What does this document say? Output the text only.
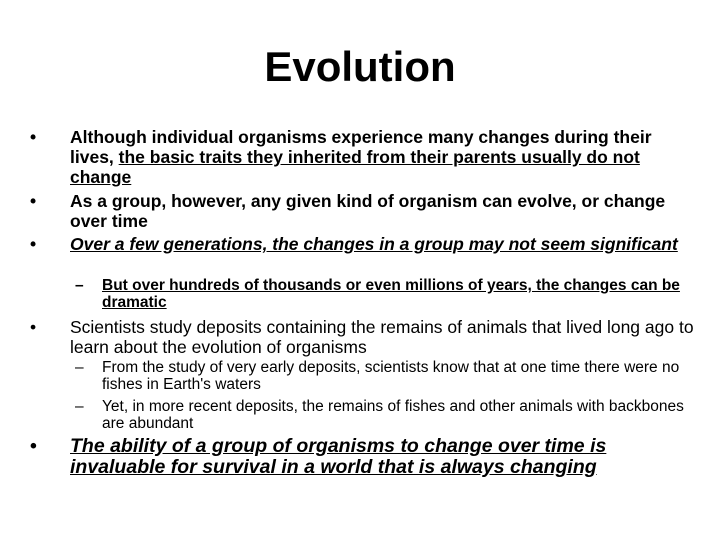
Evolution
• Although individual organisms experience many changes during their lives, the basic traits they inherited from their parents usually do not change
• As a group, however, any given kind of organism can evolve, or change over time
• Over a few generations, the changes in a group may not seem significant
– But over hundreds of thousands or even millions of years, the changes can be dramatic
• Scientists study deposits containing the remains of animals that lived long ago to learn about the evolution of organisms
– From the study of very early deposits, scientists know that at one time there were no fishes in Earth's waters
– Yet, in more recent deposits, the remains of fishes and other animals with backbones are abundant
• The ability of a group of organisms to change over time is invaluable for survival in a world that is always changing
